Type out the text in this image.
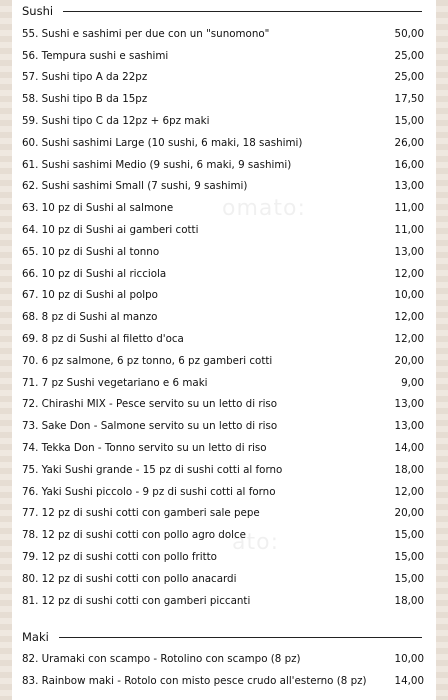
Sushi
55. Sushi e sashimi per due con un "sunomono"	50,00
56. Tempura sushi e sashimi	25,00
57. Sushi tipo A da 22pz	25,00
58. Sushi tipo B da 15pz	17,50
59. Sushi tipo C da 12pz + 6pz maki	15,00
60. Sushi sashimi Large (10 sushi, 6 maki, 18 sashimi)	26,00
61. Sushi sashimi Medio (9 sushi, 6 maki, 9 sashimi)	16,00
62. Sushi sashimi Small (7 sushi, 9 sashimi)	13,00
63. 10 pz di Sushi al salmone	11,00
64. 10 pz di Sushi ai gamberi cotti	11,00
65. 10 pz di Sushi al tonno	13,00
66. 10 pz di Sushi al ricciola	12,00
67. 10 pz di Sushi al polpo	10,00
68. 8 pz di Sushi al manzo	12,00
69. 8 pz di Sushi al filetto d'oca	12,00
70. 6 pz salmone, 6 pz tonno, 6 pz gamberi cotti	20,00
71. 7 pz Sushi vegetariano e 6 maki	9,00
72. Chirashi MIX - Pesce servito su un letto di riso	13,00
73. Sake Don - Salmone servito su un letto di riso	13,00
74. Tekka Don - Tonno servito su un letto di riso	14,00
75. Yaki Sushi grande - 15 pz di sushi cotti al forno	18,00
76. Yaki Sushi piccolo - 9 pz di sushi cotti al forno	12,00
77. 12 pz di sushi cotti con gamberi sale pepe	20,00
78. 12 pz di sushi cotti con pollo agro dolce	15,00
79. 12 pz di sushi cotti con pollo fritto	15,00
80. 12 pz di sushi cotti con pollo anacardi	15,00
81. 12 pz di sushi cotti con gamberi piccanti	18,00
Maki
82. Uramaki con scampo - Rotolino con scampo (8 pz)	10,00
83. Rainbow maki - Rotolo con misto pesce crudo all'esterno (8 pz)	14,00
